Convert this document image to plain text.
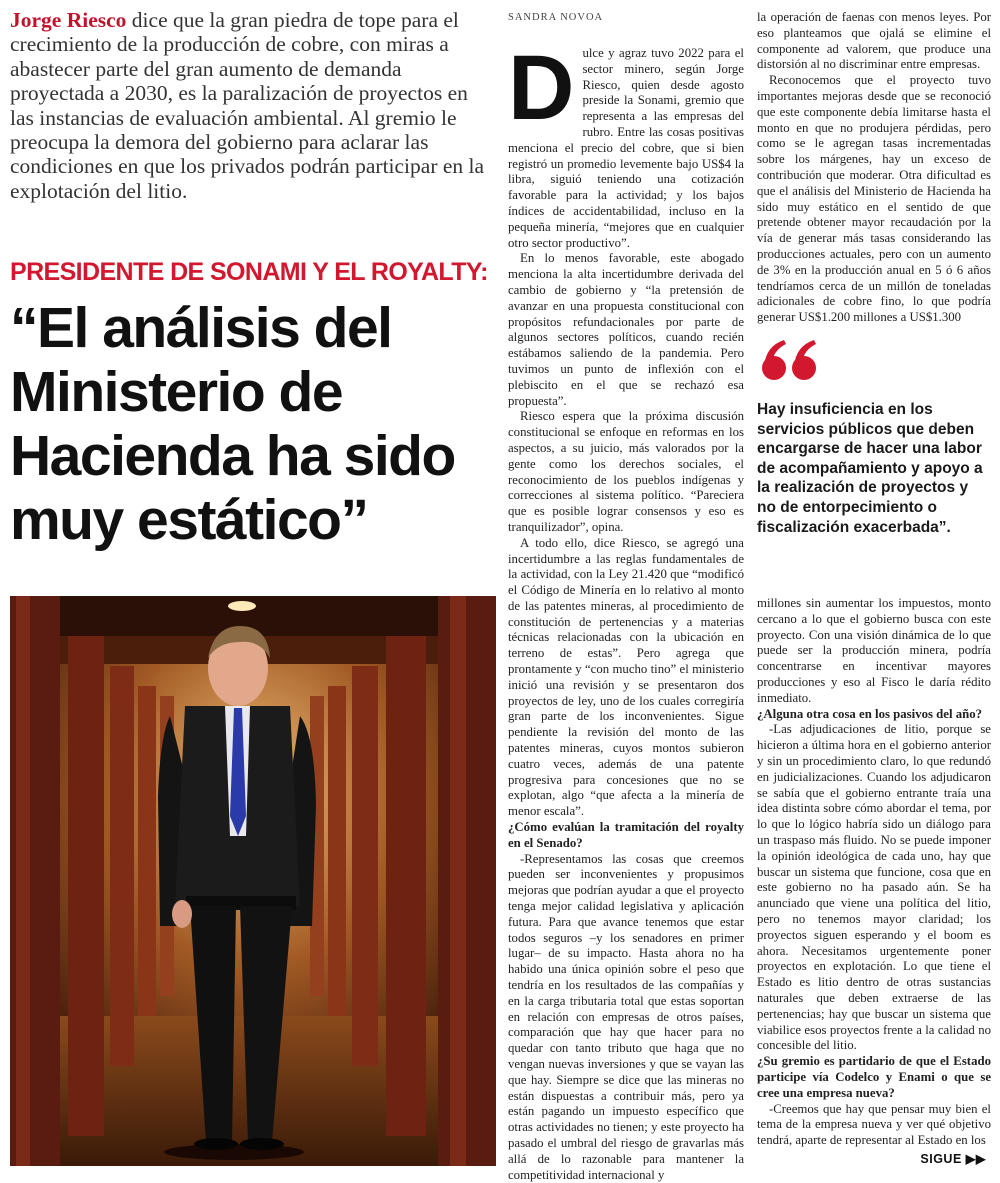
Jorge Riesco dice que la gran piedra de tope para el crecimiento de la producción de cobre, con miras a abastecer parte del gran aumento de demanda proyectada a 2030, es la paralización de proyectos en las instancias de evaluación ambiental. Al gremio le preocupa la demora del gobierno para aclarar las condiciones en que los privados podrán participar en la explotación del litio.
PRESIDENTE DE SONAMI Y EL ROYALTY:
“El análisis del Ministerio de Hacienda ha sido muy estático”
SANDRA NOVOA
D ulce y agraz tuvo 2022 para el sector minero, según Jorge Riesco, quien desde agosto preside la Sonami, gremio que representa a las empresas del rubro. Entre las cosas positivas menciona el precio del cobre, que si bien registró un promedio levemente bajo US$4 la libra, siguió teniendo una cotización favorable para la actividad; y los bajos índices de accidentabilidad, incluso en la pequeña minería, “mejores que en cualquier otro sector productivo”.

En lo menos favorable, este abogado menciona la alta incertidumbre derivada del cambio de gobierno y “la pretensión de avanzar en una propuesta constitucional con propósitos refundacionales por parte de algunos sectores políticos, cuando recién estábamos saliendo de la pandemia. Pero tuvimos un punto de inflexión con el plebiscito en el que se rechazó esa propuesta”.

Riesco espera que la próxima discusión constitucional se enfoque en reformas en los aspectos, a su juicio, más valorados por la gente como los derechos sociales, el reconocimiento de los pueblos indígenas y correcciones al sistema político. “Pareciera que es posible lograr consensos y eso es tranquilizador”, opina.

A todo ello, dice Riesco, se agregó una incertidumbre a las reglas fundamentales de la actividad, con la Ley 21.420 que “modificó el Código de Minería en lo relativo al monto de las patentes mineras, al procedimiento de constitución de pertenencias y a materias técnicas relacionadas con la ubicación en terreno de estas”. Pero agrega que prontamente y “con mucho tino” el ministerio inició una revisión y se presentaron dos proyectos de ley, uno de los cuales corregiría gran parte de los inconvenientes. Sigue pendiente la revisión del monto de las patentes mineras, cuyos montos subieron cuatro veces, además de una patente progresiva para concesiones que no se explotan, algo “que afecta a la minería de menor escala”.

¿Cómo evalúan la tramitación del royalty en el Senado?

-Representamos las cosas que creemos pueden ser inconvenientes y propusimos mejoras que podrían ayudar a que el proyecto tenga mejor calidad legislativa y aplicación futura. Para que avance tenemos que estar todos seguros –y los senadores en primer lugar– de su impacto. Hasta ahora no ha habido una única opinión sobre el peso que tendría en los resultados de las compañías y en la carga tributaria total que estas soportan en relación con empresas de otros países, comparación que hay que hacer para no quedar con tanto tributo que haga que no vengan nuevas inversiones y que se vayan las que hay. Siempre se dice que las mineras no están dispuestas a contribuir más, pero ya están pagando un impuesto específico que otras actividades no tienen; y este proyecto ha pasado el umbral del riesgo de gravarlas más allá de lo razonable para mantener la competitividad internacional y

la operación de faenas con menos leyes. Por eso planteamos que ojalá se elimine el componente ad valorem, que produce una distorsión al no discriminar entre empresas.

Reconocemos que el proyecto tuvo importantes mejoras desde que se reconoció que este componente debía limitarse hasta el monto en que no produjera pérdidas, pero como se le agregan tasas incrementadas sobre los márgenes, hay un exceso de contribución que moderar. Otra dificultad es que el análisis del Ministerio de Hacienda ha sido muy estático en el sentido de que pretende obtener mayor recaudación por la vía de generar más tasas considerando las producciones actuales, pero con un aumento de 3% en la producción anual en 5 ó 6 años tendríamos cerca de un millón de toneladas adicionales de cobre fino, lo que podría generar US$1.200 millones a US$1.300

Hay insuficiencia en los servicios públicos que deben encargarse de hacer una labor de acompañamiento y apoyo a la realización de proyectos y no de entorpecimiento o fiscalización exacerbada”.

millones sin aumentar los impuestos, monto cercano a lo que el gobierno busca con este proyecto. Con una visión dinámica de lo que puede ser la producción minera, podría concentrarse en incentivar mayores producciones y eso al Fisco le daría rédito inmediato.

¿Alguna otra cosa en los pasivos del año?

-Las adjudicaciones de litio, porque se hicieron a última hora en el gobierno anterior y sin un procedimiento claro, lo que redundó en judicializaciones. Cuando los adjudicaron se sabía que el gobierno entrante traía una idea distinta sobre cómo abordar el tema, por lo que lo lógico habría sido un diálogo para un traspaso más fluido. No se puede imponer la opinión ideológica de cada uno, hay que buscar un sistema que funcione, cosa que en este gobierno no ha pasado aún. Se ha anunciado que viene una política del litio, pero no tenemos mayor claridad; los proyectos siguen esperando y el boom es ahora. Necesitamos urgentemente poner proyectos en explotación. Lo que tiene el Estado es litio dentro de otras sustancias naturales que deben extraerse de las pertenencias; hay que buscar un sistema que viabilice esos proyectos frente a la calidad no concesible del litio.

¿Su gremio es partidario de que el Estado participe vía Codelco y Enami o que se cree una empresa nueva?

-Creemos que hay que pensar muy bien el tema de la empresa nueva y ver qué objetivo tendrá, aparte de representar al Estado en los

SIGUE ▶▶
